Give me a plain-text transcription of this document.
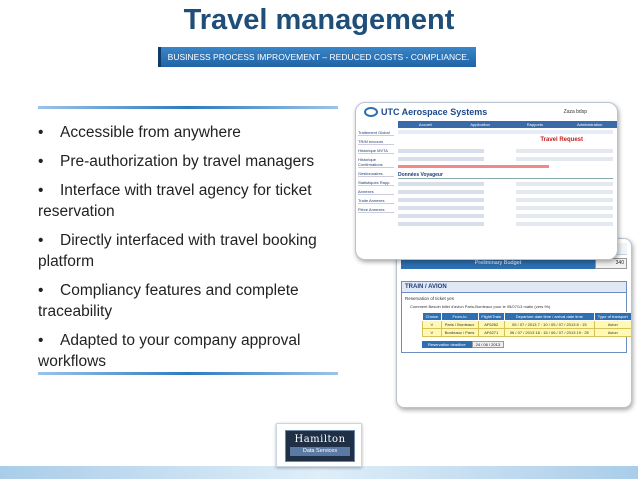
Travel management
BUSINESS PROCESS IMPROVEMENT – REDUCED COSTS - COMPLIANCE.
• Accessible from anywhere
• Pre-authorization by travel managers
• Interface with travel agency for ticket reservation
• Directly interfaced with travel booking platform
• Compliancy features and complete traceability
• Adapted to your company approval workflows
Preliminary Budget	340
TRAIN / AVION
Reservation of ticket yes
Comment Besoin billet d'avion Paris-Bordeaux pour le 05/07/13 matin (vers 9h)
Choice	From-to	Flight/Train	Departure date time / arrival date time	Type of transport
V	Paris / Bordeaux	AF6262	05 / 07 / 2013 7 : 10 / 05 / 07 / 2013 8 : 15	Avion
V	Bordeaux / Paris	AF6271	06 / 07 / 2013 18 : 15 / 06 / 07 / 2013 19 : 25	Avion
Reservation deadline	24 / 06 / 2013
UTC Aerospace Systems	Zaza bdsp
Accueil	Application	Rapports	Administration
Traitement Global
TR/M encours
Historique MVTA
Historique Confirmations
Gestionnaires
Statistiques Rapp.
Annexes
Traite Annexes
Pièce Annexes
Travel Request
Données Voyageur
Hamilton
Data Services
